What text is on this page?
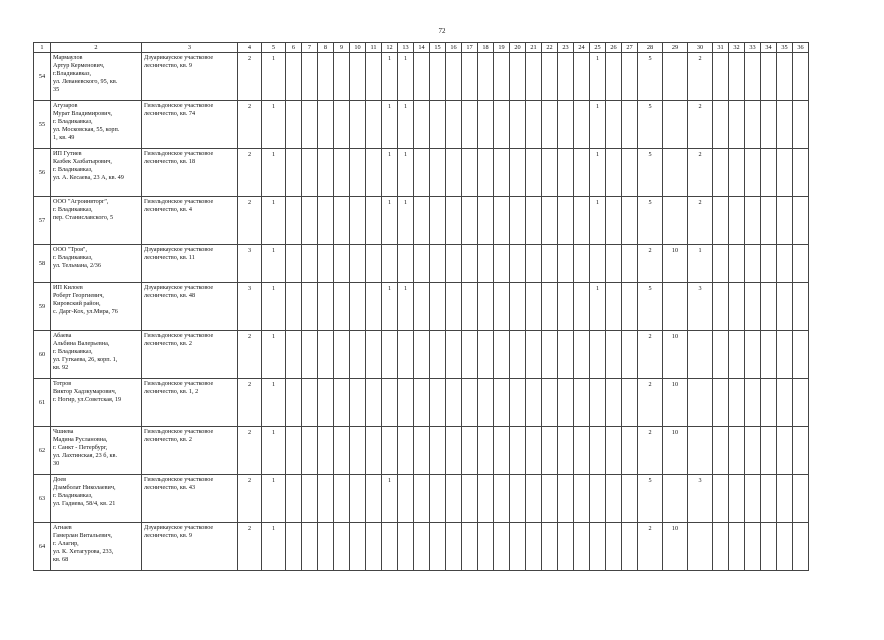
72
1	2	3	4	5	6	7	8	9	10	11	12	13	14	15	16	17	18	19	20	21	22	23	24	25	26	27	28	29	30	31	32	33	34	35	36
54	Мармаулов
Артур Керменович,
г.Владикавказ,
ул. Леваневского, 95, кв.
35	Дзуарикауское участковое
лесничество, кв. 9	2	1							1	1												1			5		2						
55	Агузаров
Мурат Владимирович,
г. Владикавказ,
ул. Московская, 55, корп.
1, кв. 49	Гизельдонское участковое
лесничество, кв. 74	2	1							1	1												1			5		2						
56	ИП Гутиев
Казбек Хазбатырович,
г. Владикавказ,
ул. А. Кесаева, 23 А, кв. 49	Гизельдонское участковое
лесничество, кв. 18	2	1							1	1												1			5		2						
57	ООО "Агроинвторг",
г. Владикавказ,
пер. Станиславского, 5	Гизельдонское участковое
лесничество, кв. 4	2	1							1	1												1			5		2						
58	ООО "Троя",
г. Владикавказ,
ул. Тельмана, 2/36	Дзуарикауское участковое
лесничество, кв. 11	3	1																							2	10	1						
59	ИП Килоев
Роберт Георгиевич,
Кировский район,
с. Дарг-Кох, ул.Мира, 76	Дзуарикауское участковое
лесничество, кв. 48	3	1							1	1												1			5		3						
60	Абаева
Альбина Валерьевна,
г. Владикавказ,
ул. Гугкаева, 26, корп. 1,
кв. 92	Гизельдонское участковое
лесничество, кв. 2	2	1																							2	10							
61	Тотров
Виктор Хадзкумарович,
г. Ногир, ул.Советская, 19	Гизельдонское участковое
лесничество, кв. 1, 2	2	1																							2	10							
62	Чшиева
Мадина Руслановна,
г. Санкт - Петербург,
ул. Лахтинская, 23 б, кв.
30	Гизельдонское участковое
лесничество, кв. 2	2	1																							2	10							
63	Доев
Дзамболат Николаевич,
г. Владикавказ,
ул. Гадиева, 58/4, кв. 21	Гизельдонское участковое
лесничество, кв. 43	2	1							1																5		3						
64	Агнаев
Гамерлан Витальевич,
г. Алагир,
ул. К. Хетагурова, 233,
кв. 68	Дзуарикауское участковое
лесничество, кв. 9	2	1																							2	10							
